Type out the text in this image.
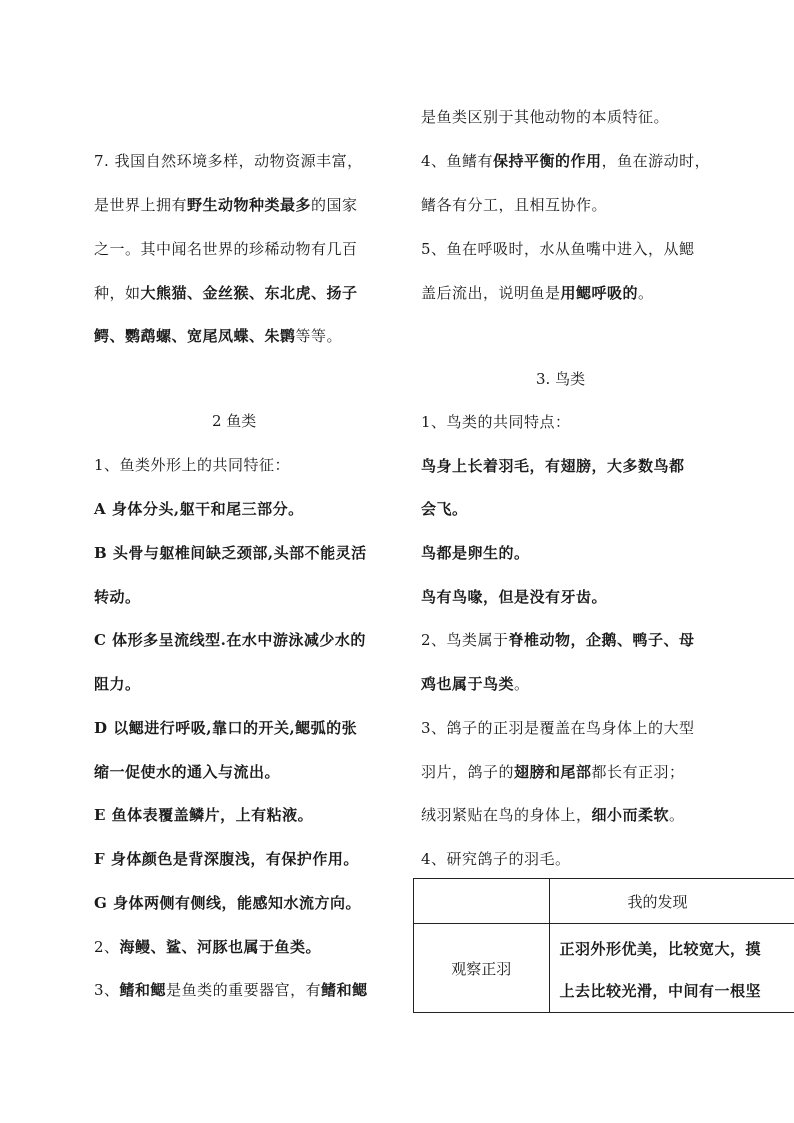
7. 我国自然环境多样，动物资源丰富，
是世界上拥有野生动物种类最多的国家
之一。其中闻名世界的珍稀动物有几百
种，如大熊猫、金丝猴、东北虎、扬子
鳄、鹦鹉螺、宽尾凤蝶、朱鹮等等。
2 鱼类
1、鱼类外形上的共同特征：
A 身体分头,躯干和尾三部分。
B 头骨与躯椎间缺乏颈部,头部不能灵活
转动。
C 体形多呈流线型.在水中游泳减少水的
阻力。
D 以鳃进行呼吸,靠口的开关,鳃弧的张
缩一促使水的通入与流出。
E 鱼体表覆盖鳞片，上有粘液。
F 身体颜色是背深腹浅，有保护作用。
G 身体两侧有侧线，能感知水流方向。
2、海鳗、鲨、河豚也属于鱼类。
3、鳍和鳃是鱼类的重要器官，有鳍和鳃
是鱼类区别于其他动物的本质特征。
4、鱼鳍有保持平衡的作用，鱼在游动时，
鳍各有分工，且相互协作。
5、鱼在呼吸时，水从鱼嘴中进入，从鳃
盖后流出，说明鱼是用鳃呼吸的。
3. 鸟类
1、鸟类的共同特点：
鸟身上长着羽毛，有翅膀，大多数鸟都
会飞。
鸟都是卵生的。
鸟有鸟喙，但是没有牙齿。
2、鸟类属于脊椎动物，企鹅、鸭子、母
鸡也属于鸟类。
3、鸽子的正羽是覆盖在鸟身体上的大型
羽片，鸽子的翅膀和尾部都长有正羽；
绒羽紧贴在鸟的身体上，细小而柔软。
4、研究鸽子的羽毛。
	我的发现
观察正羽	正羽外形优美，比较宽大，摸
上去比较光滑，中间有一根坚
